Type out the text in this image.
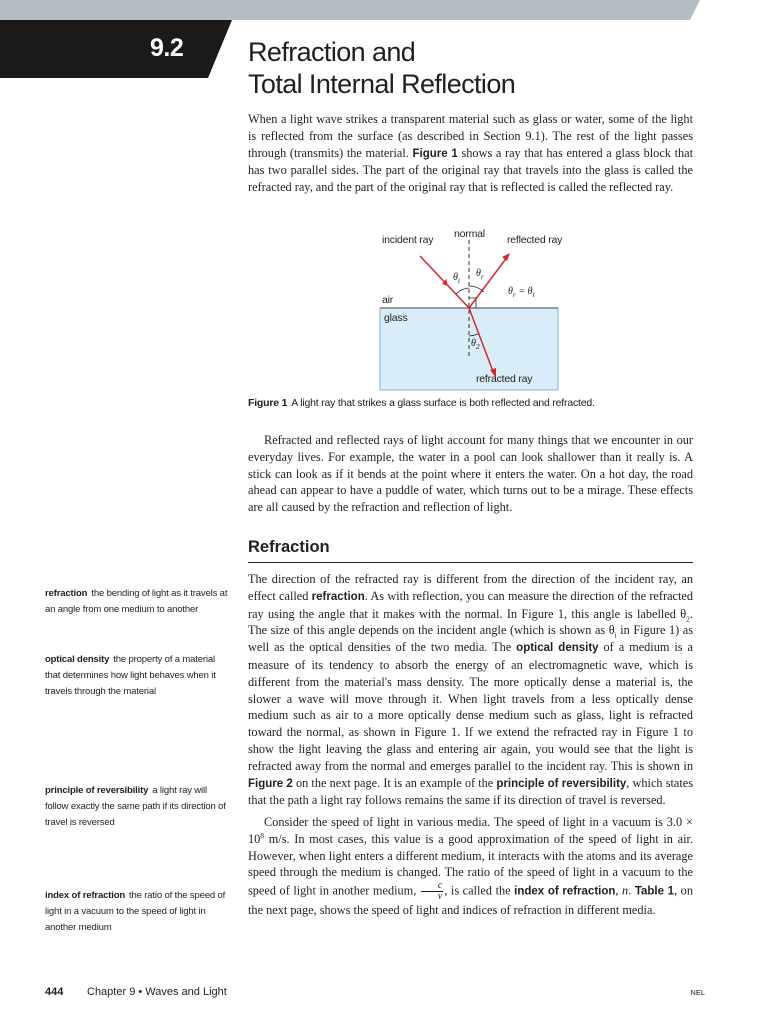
9.2	Refraction and
Total Internal Reflection

When a light wave strikes a transparent material such as glass or water, some of the light is reflected from the surface (as described in Section 9.1). The rest of the light passes through (transmits) the material. Figure 1 shows a ray that has entered a glass block that has two parallel sides. The part of the original ray that travels into the glass is called the refracted ray, and the part of the original ray that is reflected is called the reflected ray.

incident ray normal reflected ray
air
glass
refracted ray
$\theta_i$
$\theta_r$
$\theta_r = \theta_i$
$\theta_2$
Figure 1 A light ray that strikes a glass surface is both reflected and refracted.

Refracted and reflected rays of light account for many things that we encounter in our everyday lives. For example, the water in a pool can look shallower than it really is. A stick can look as if it bends at the point where it enters the water. On a hot day, the road ahead can appear to have a puddle of water, which turns out to be a mirage. These effects are all caused by the refraction and reflection of light.

Refraction

The direction of the refracted ray is different from the direction of the incident ray, an effect called refraction. As with reflection, you can measure the direction of the refracted ray using the angle that it makes with the normal. In Figure 1, this angle is labelled $\theta_2$. The size of this angle depends on the incident angle (which is shown as $\theta_i$ in Figure 1) as well as the optical densities of the two media. The optical density of a medium is a measure of its tendency to absorb the energy of an electromagnetic wave, which is different from the material's mass density. The more optically dense a material is, the slower a wave will move through it. When light travels from a less optically dense medium such as air to a more optically dense medium such as glass, light is refracted toward the normal, as shown in Figure 1. If we extend the refracted ray in Figure 1 to show the light leaving the glass and entering air again, you would see that the light is refracted away from the normal and emerges parallel to the incident ray. This is shown in Figure 2 on the next page. It is an example of the principle of reversibility, which states that the path a light ray follows remains the same if its direction of travel is reversed.

Consider the speed of light in various media. The speed of light in a vacuum is $3.0 \times 10^8$ m/s. In most cases, this value is a good approximation of the speed of light in air. However, when light enters a different medium, it interacts with the atoms and its average speed through the medium is changed. The ratio of the speed of light in a vacuum to the speed of light in another medium, $\frac{c}{v}$ , is called the index of refraction, n. Table 1, on the next page, shows the speed of light and indices of refraction in different media.

refraction the bending of light as it travels at an angle from one medium to another
optical density the property of a material that determines how light behaves when it travels through the material
principle of reversibility a light ray will follow exactly the same path if its direction of travel is reversed
index of refraction the ratio of the speed of light in a vacuum to the speed of light in another medium
444 Chapter 9 • Waves and Light	NEL
